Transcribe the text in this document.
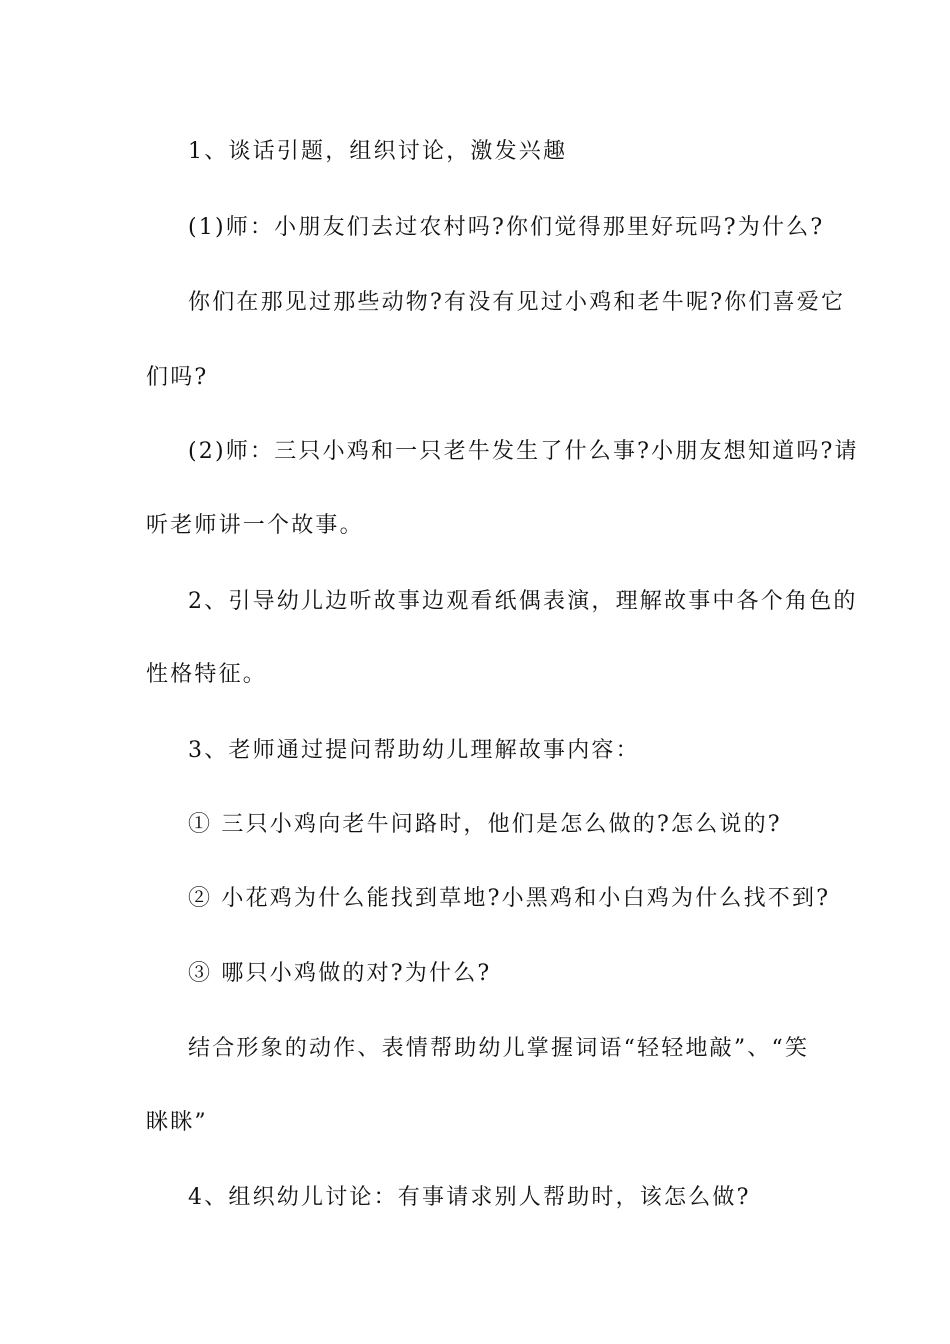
1、谈话引题，组织讨论，激发兴趣
(1)师：小朋友们去过农村吗?你们觉得那里好玩吗?为什么?
你们在那见过那些动物?有没有见过小鸡和老牛呢?你们喜爱它
们吗?
(2)师：三只小鸡和一只老牛发生了什么事?小朋友想知道吗?请
听老师讲一个故事。
2、引导幼儿边听故事边观看纸偶表演，理解故事中各个角色的
性格特征。
3、老师通过提问帮助幼儿理解故事内容：
① 三只小鸡向老牛问路时，他们是怎么做的?怎么说的?
② 小花鸡为什么能找到草地?小黑鸡和小白鸡为什么找不到?
③ 哪只小鸡做的对?为什么?
结合形象的动作、表情帮助幼儿掌握词语“轻轻地敲”、“笑
眯眯”
4、组织幼儿讨论：有事请求别人帮助时，该怎么做?
